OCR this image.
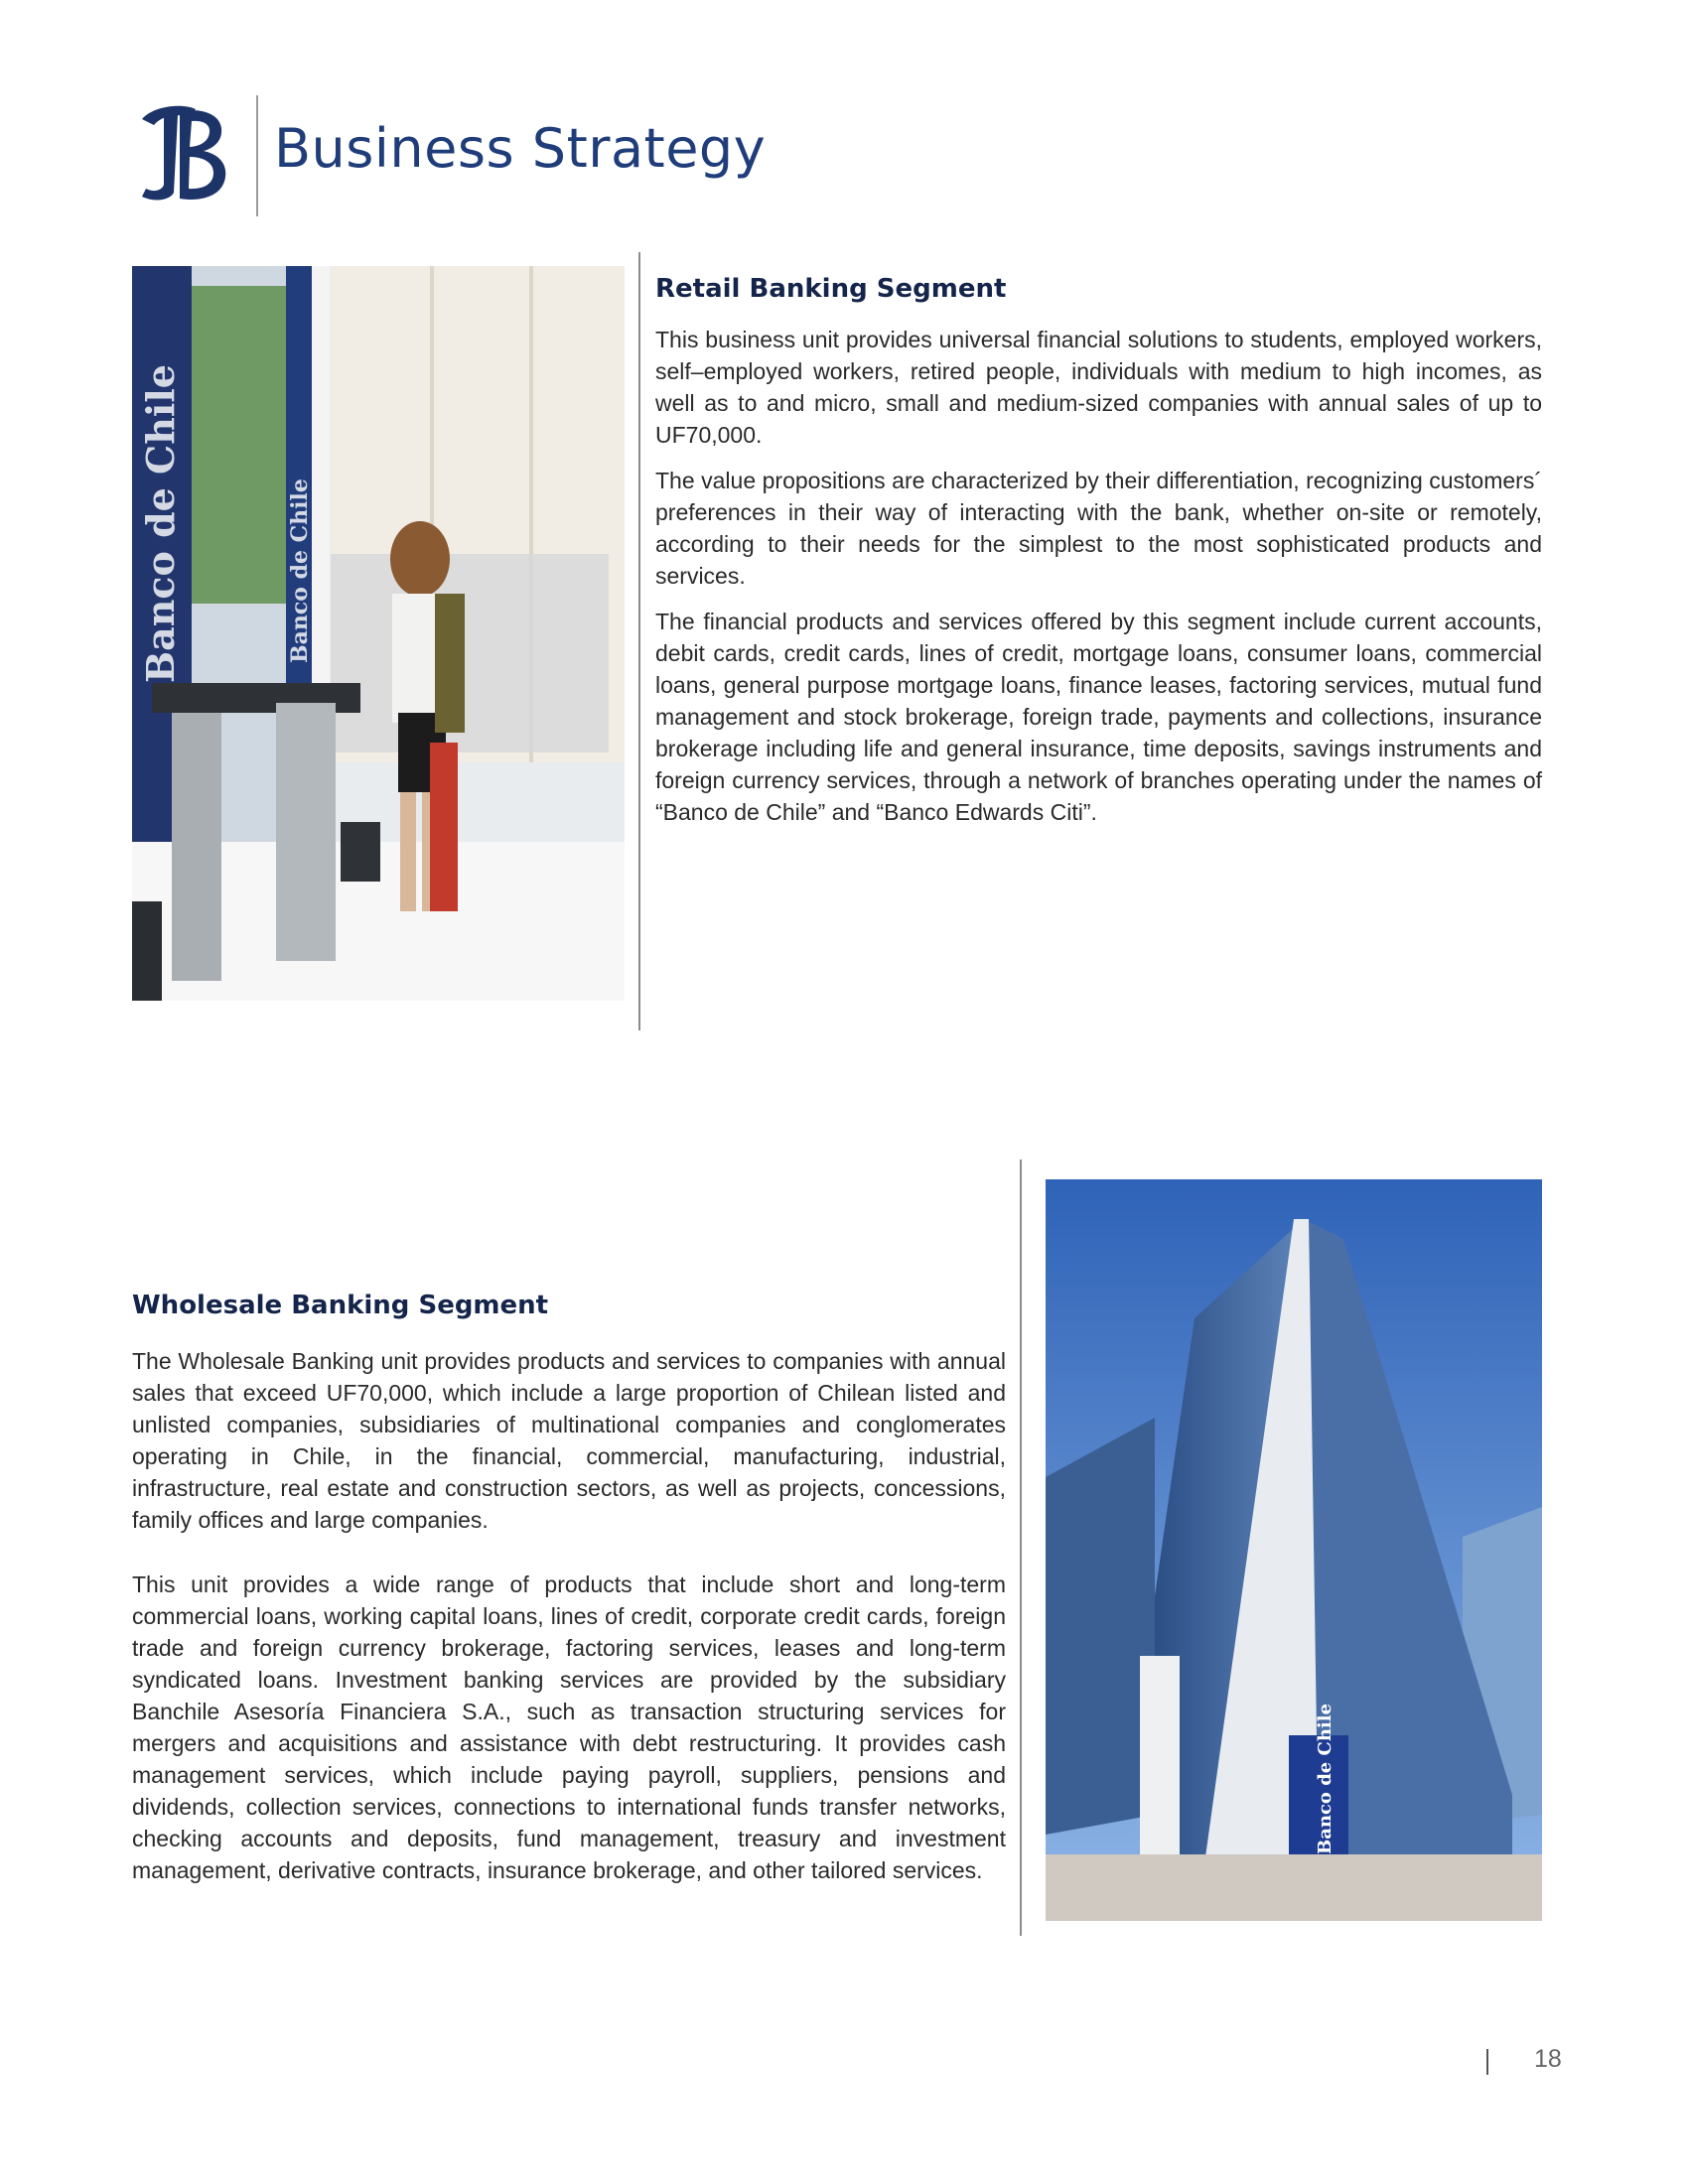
Business Strategy
Banco de Chile	Banco de Chile
Retail Banking Segment

This business unit provides universal financial solutions to students, employed workers, self–employed workers, retired people, individuals with medium to high incomes, as well as to and micro, small and medium-sized companies with annual sales of up to UF70,000.

The value propositions are characterized by their differentiation, recognizing customers´ preferences in their way of interacting with the bank, whether on-site or remotely, according to their needs for the simplest to the most sophisticated products and services.

The financial products and services offered by this segment include current accounts, debit cards, credit cards, lines of credit, mortgage loans, consumer loans, commercial loans, general purpose mortgage loans, finance leases, factoring services, mutual fund management and stock brokerage, foreign trade, payments and collections, insurance brokerage including life and general insurance, time deposits, savings instruments and foreign currency services, through a network of branches operating under the names of “Banco de Chile” and “Banco Edwards Citi”.

Wholesale Banking Segment

The Wholesale Banking unit provides products and services to companies with annual sales that exceed UF70,000, which include a large proportion of Chilean listed and unlisted companies, subsidiaries of multinational companies and conglomerates operating in Chile, in the financial, commercial, manufacturing, industrial, infrastructure, real estate and construction sectors, as well as projects, concessions, family offices and large companies.

This unit provides a wide range of products that include short and long-term commercial loans, working capital loans, lines of credit, corporate credit cards, foreign trade and foreign currency brokerage, factoring services, leases and long-term syndicated loans. Investment banking services are provided by the subsidiary Banchile Asesoría Financiera S.A., such as transaction structuring services for mergers and acquisitions and assistance with debt restructuring. It provides cash management services, which include paying payroll, suppliers, pensions and dividends, collection services, connections to international funds transfer networks, checking accounts and deposits, fund management, treasury and investment management, derivative contracts, insurance brokerage, and other tailored services.

Banco de Chile
18
